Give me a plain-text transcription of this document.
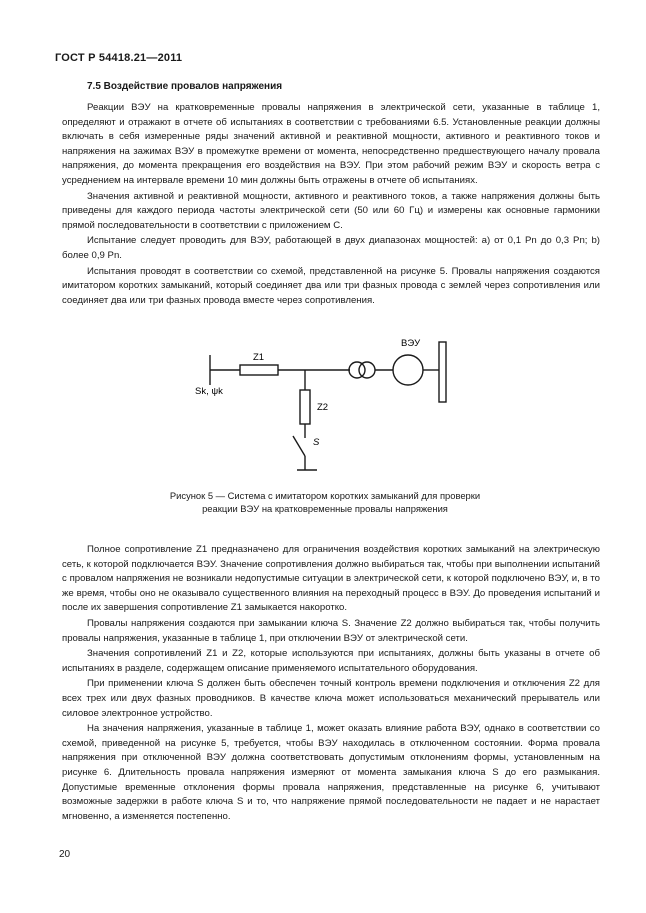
ГОСТ Р 54418.21—2011
7.5 Воздействие провалов напряжения

Реакции ВЭУ на кратковременные провалы напряжения в электрической сети, указанные в таблице 1, определяют и отражают в отчете об испытаниях в соответствии с требованиями 6.5. Установленные реакции должны включать в себя измеренные ряды значений активной и реактивной мощности, активного и реактивного токов и напряжения на зажимах ВЭУ в промежутке времени от момента, непосредственно предшествующего началу провала напряжения, до момента прекращения его воздействия на ВЭУ. При этом рабочий режим ВЭУ и скорость ветра с усреднением на интервале времени 10 мин должны быть отражены в отчете об испытаниях.

Значения активной и реактивной мощности, активного и реактивного токов, а также напряжения должны быть приведены для каждого периода частоты электрической сети (50 или 60 Гц) и измерены как основные гармоники прямой последовательности в соответствии с приложением С.

Испытание следует проводить для ВЭУ, работающей в двух диапазонах мощностей: а) от 0,1 Pn до 0,3 Pn; b) более 0,9 Pn.

Испытания проводят в соответствии со схемой, представленной на рисунке 5. Провалы напряжения создаются имитатором коротких замыканий, который соединяет два или три фазных провода с землей через сопротивления или соединяет два или три фазных провода вместе через сопротивления.

Sk, ψk
Z1
Z2
S
ВЭУ
Рисунок 5 — Система с имитатором коротких замыканий для проверки
реакции ВЭУ на кратковременные провалы напряжения

Полное сопротивление Z1 предназначено для ограничения воздействия коротких замыканий на электрическую сеть, к которой подключается ВЭУ. Значение сопротивления должно выбираться так, чтобы при выполнении испытаний с провалом напряжения не возникали недопустимые ситуации в электрической сети, к которой подключено ВЭУ, и, в то же время, чтобы оно не оказывало существенного влияния на переходный процесс в ВЭУ. До проведения испытаний и после их завершения сопротивление Z1 замыкается накоротко.

Провалы напряжения создаются при замыкании ключа S. Значение Z2 должно выбираться так, чтобы получить провалы напряжения, указанные в таблице 1, при отключении ВЭУ от электрической сети.

Значения сопротивлений Z1 и Z2, которые используются при испытаниях, должны быть указаны в отчете об испытаниях в разделе, содержащем описание применяемого испытательного оборудования.

При применении ключа S должен быть обеспечен точный контроль времени подключения и отключения Z2 для всех трех или двух фазных проводников. В качестве ключа может использоваться механический прерыватель или силовое электронное устройство.

На значения напряжения, указанные в таблице 1, может оказать влияние работа ВЭУ, однако в соответствии со схемой, приведенной на рисунке 5, требуется, чтобы ВЭУ находилась в отключенном состоянии. Форма провала напряжения при отключенной ВЭУ должна соответствовать допустимым отклонениям формы, установленным на рисунке 6. Длительность провала напряжения измеряют от момента замыкания ключа S до его размыкания. Допустимые временные отклонения формы провала напряжения, представленные на рисунке 6, учитывают возможные задержки в работе ключа S и то, что напряжение прямой последовательности не падает и не нарастает мгновенно, а изменяется постепенно.

20
